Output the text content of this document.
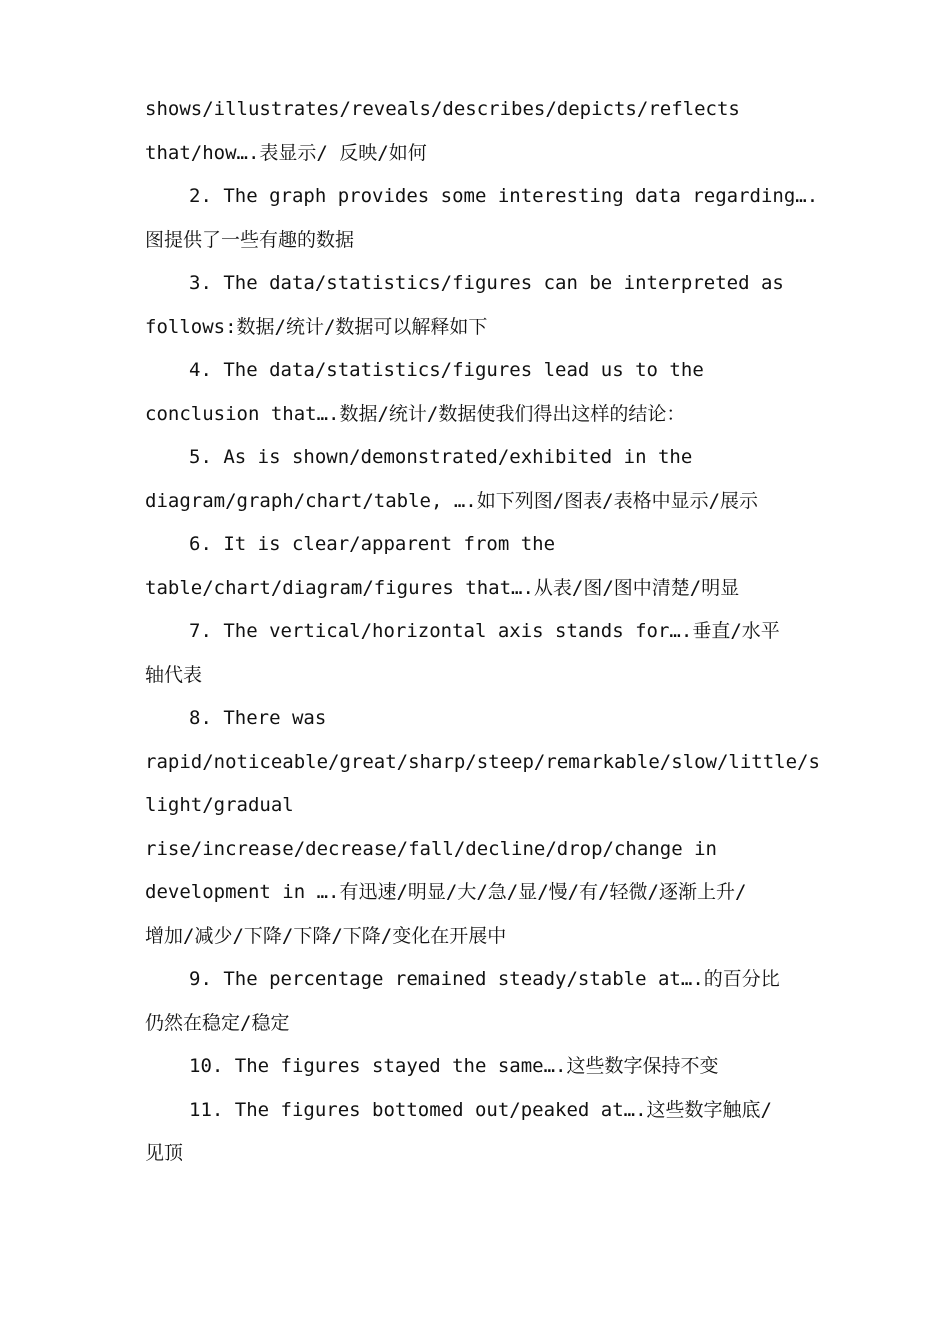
shows/illustrates/reveals/describes/depicts/reflects
that/how….表显示/ 反映/如何
2. The graph provides some interesting data regarding….
图提供了一些有趣的数据
3. The data/statistics/figures can be interpreted as
follows:数据/统计/数据可以解释如下
4. The data/statistics/figures lead us to the
conclusion that….数据/统计/数据使我们得出这样的结论：
5. As is shown/demonstrated/exhibited in the
diagram/graph/chart/table, ….如下列图/图表/表格中显示/展示
6. It is clear/apparent from the
table/chart/diagram/figures that….从表/图/图中清楚/明显
7. The vertical/horizontal axis stands for….垂直/水平
轴代表
8. There was
rapid/noticeable/great/sharp/steep/remarkable/slow/little/s
light/gradual
rise/increase/decrease/fall/decline/drop/change in
development in ….有迅速/明显/大/急/显/慢/有/轻微/逐渐上升/
增加/减少/下降/下降/下降/变化在开展中
9. The percentage remained steady/stable at….的百分比
仍然在稳定/稳定
10. The figures stayed the same….这些数字保持不变
11. The figures bottomed out/peaked at….这些数字触底/
见顶
